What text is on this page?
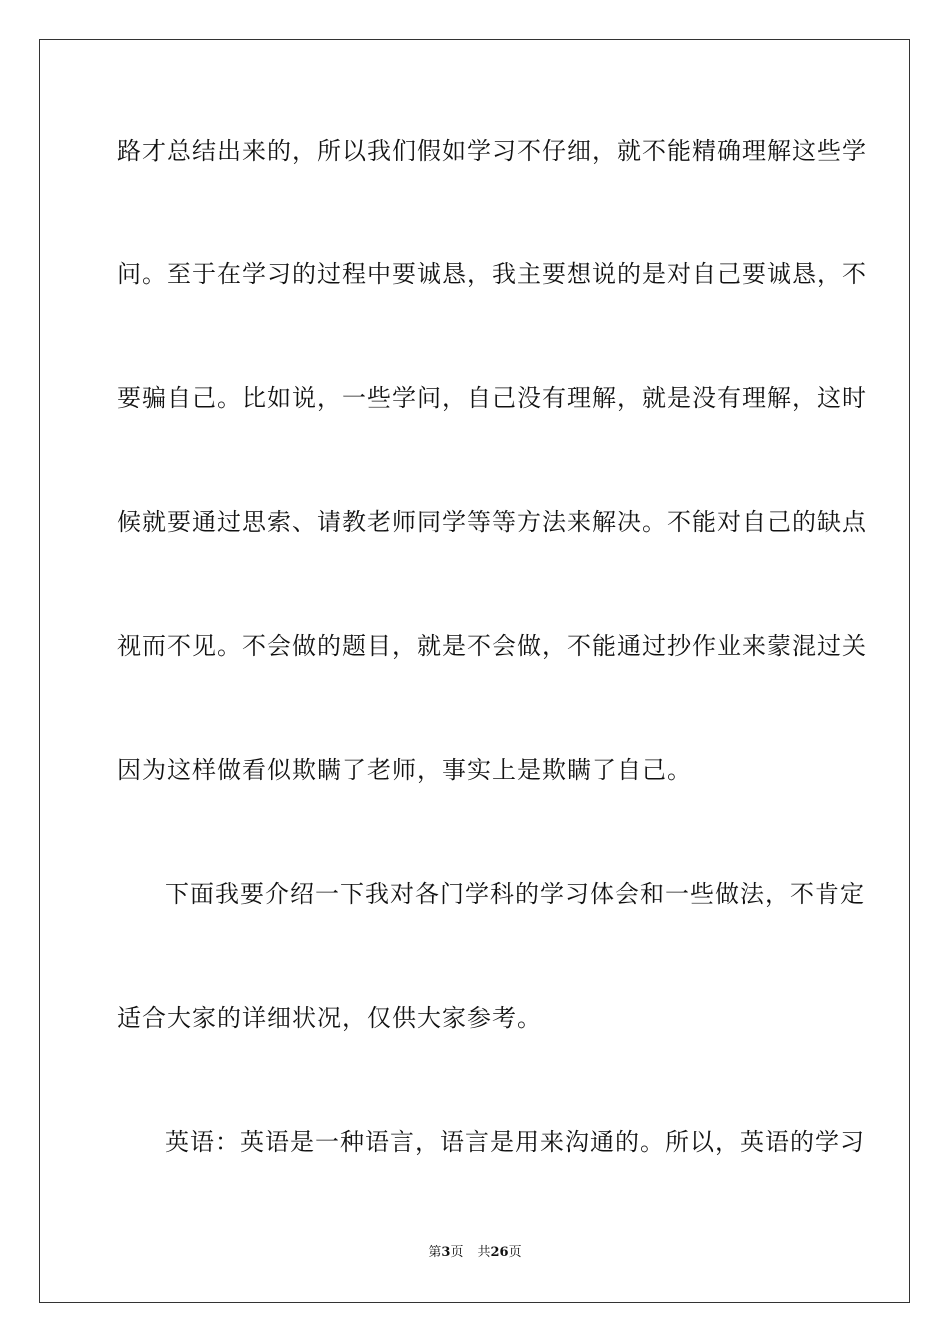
路才总结出来的，所以我们假如学习不仔细，就不能精确理解这些学
问。至于在学习的过程中要诚恳，我主要想说的是对自己要诚恳，不
要骗自己。比如说，一些学问，自己没有理解，就是没有理解，这时
候就要通过思索、请教老师同学等等方法来解决。不能对自己的缺点
视而不见。不会做的题目，就是不会做，不能通过抄作业来蒙混过关
因为这样做看似欺瞒了老师，事实上是欺瞒了自己。
下面我要介绍一下我对各门学科的学习体会和一些做法，不肯定
适合大家的详细状况，仅供大家参考。
英语：英语是一种语言，语言是用来沟通的。所以，英语的学习
第3页 共26页
